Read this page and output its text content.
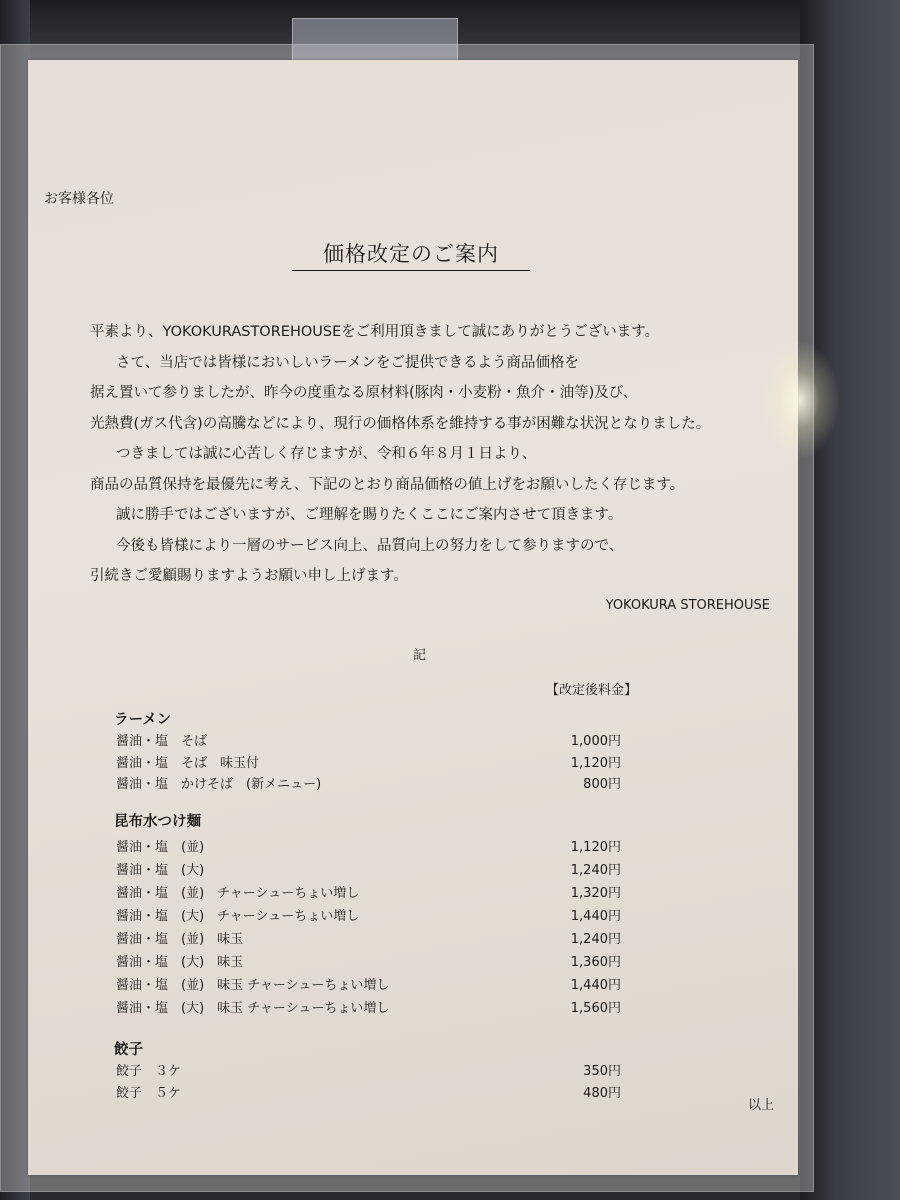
お客様各位
価格改定のご案内
平素より、YOKOKURASTOREHOUSEをご利用頂きまして誠にありがとうございます。
さて、当店では皆様においしいラーメンをご提供できるよう商品価格を
据え置いて参りましたが、昨今の度重なる原材料(豚肉・小麦粉・魚介・油等)及び、
光熱費(ガス代含)の高騰などにより、現行の価格体系を維持する事が困難な状況となりました。
つきましては誠に心苦しく存じますが、令和６年８月１日より、
商品の品質保持を最優先に考え、下記のとおり商品価格の値上げをお願いしたく存じます。
誠に勝手ではございますが、ご理解を賜りたくここにご案内させて頂きます。
今後も皆様により一層のサービス向上、品質向上の努力をして参りますので、
引続きご愛顧賜りますようお願い申し上げます。
YOKOKURA STOREHOUSE
記
【改定後料金】
ラーメン
醤油・塩　そば	1,000円
醤油・塩　そば　味玉付	1,120円
醤油・塩　かけそば　(新メニュー)	800円
昆布水つけ麺
醤油・塩　(並)	1,120円
醤油・塩　(大)	1,240円
醤油・塩　(並)　チャーシューちょい増し	1,320円
醤油・塩　(大)　チャーシューちょい増し	1,440円
醤油・塩　(並)　味玉	1,240円
醤油・塩　(大)　味玉	1,360円
醤油・塩　(並)　味玉 チャーシューちょい増し	1,440円
醤油・塩　(大)　味玉 チャーシューちょい増し	1,560円
餃子
餃子　３ケ	350円
餃子　５ケ	480円
以上
